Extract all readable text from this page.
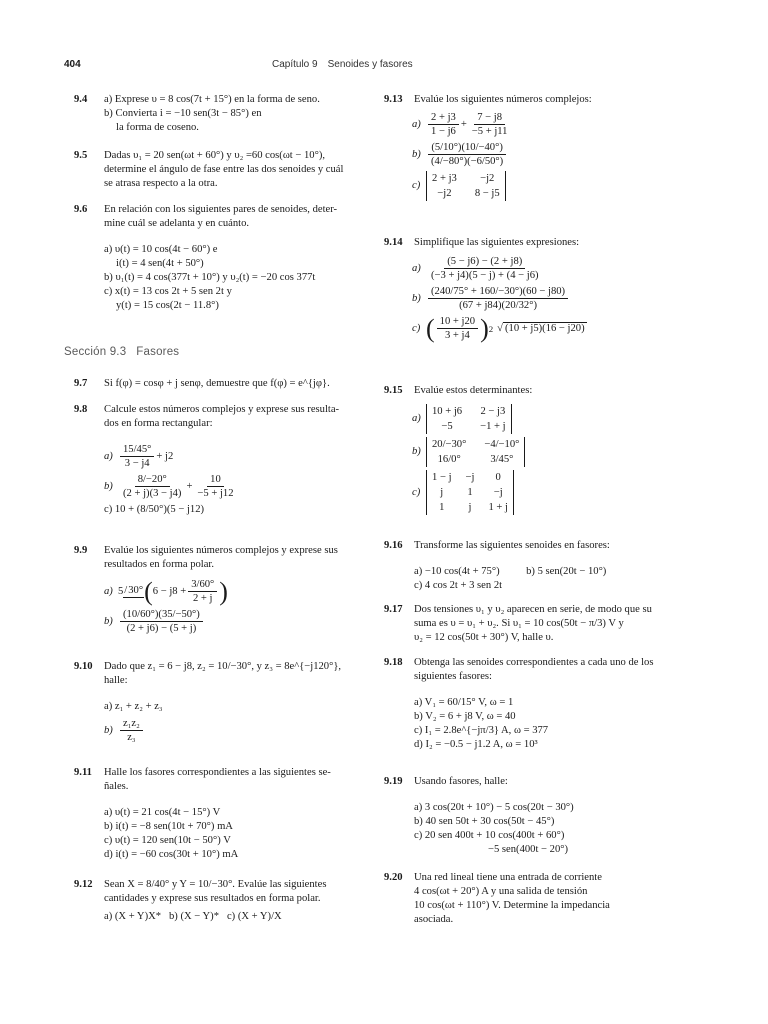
404	Capítulo 9 Senoides y fasores
9.4 a) Exprese υ = 8 cos(7t + 15°) en la forma de seno.
b) Convierta i = −10 sen(3t − 85°) en
la forma de coseno.
9.5 Dadas υ₁ = 20 sen(ωt + 60°) y υ₂ =60 cos(ωt − 10°),
determine el ángulo de fase entre las dos senoides y cuál
se atrasa respecto a la otra.
9.6 En relación con los siguientes pares de senoides, deter-
mine cuál se adelanta y en cuánto.
a) υ(t) = 10 cos(4t − 60°) e
i(t) = 4 sen(4t + 50°)
b) υ₁(t) = 4 cos(377t + 10°) y υ₂(t) = −20 cos 377t
c) x(t) = 13 cos 2t + 5 sen 2t y
y(t) = 15 cos(2t − 11.8°)
Sección 9.3 Fasores
9.7 Si f(φ) = cosφ + j senφ, demuestre que f(φ) = e^{jφ}.
9.8 Calcule estos números complejos y exprese sus resulta-
dos en forma rectangular:
$a) \frac{15/45^\circ}{3 - j4} + j2$
$b) \frac{8/-20^\circ}{(2 + j)(3 - j4)} + \frac{10}{-5 + j12}$
c) 10 + (8/50°)(5 − j12)
9.9 Evalúe los siguientes números complejos y exprese sus
resultados en forma polar.
a) 5
/ 30° ( $6 - j8 + \frac{3/60^\circ}{2 + j}$ )
$b) \frac{(10/60^\circ)(35/-50^\circ)}{(2 + j6) - (5 + j)}$
9.10 Dado que z₁ = 6 − j8, z₂ = 10/−30°, y z₃ = 8e^{−j120°},
halle:
a) z₁ + z₂ + z₃
$b) \frac{\text{z₁z₂}}{\text{z₃}}$
9.11 Halle los fasores correspondientes a las siguientes se-
ñales.
a) υ(t) = 21 cos(4t − 15°) V
b) i(t) = −8 sen(10t + 70°) mA
c) υ(t) = 120 sen(10t − 50°) V
d) i(t) = −60 cos(30t + 10°) mA
9.12 Sean X = 8/40° y Y = 10/−30°. Evalúe las siguientes
cantidades y exprese sus resultados en forma polar.
a) (X + Y)X*   b) (X − Y)*   c) (X + Y)/X
9.13 Evalúe los siguientes números complejos:
$a) \frac{2 + j3}{1 - j6} + \frac{7 - j8}{-5 + j11}$
$b) \frac{(5/10^\circ)(10/-40^\circ)}{(4/-80^\circ)(-6/50^\circ)}$
c)
2 + j3	−j2
−j2	8 − j5
9.14 Simplifique las siguientes expresiones:
$a) \frac{(5 - j6) - (2 + j8)}{(-3 + j4)(5 - j) + (4 - j6)}$
$b) \frac{(240/75^\circ + 160/-30^\circ)(60 - j80)}{(67 + j84)(20/32^\circ)}$
c) ( $\frac{10 + j20}{3 + j4}$ ) 2 √ (10 + j5)(16 − j20)
9.15 Evalúe estos determinantes:
a)
10 + j6 2 − j3
−5	−1 + j
b)
20/−30° −4/−10°
16/0°	3/45°
c)
1 − j −j	0
j	1	−j
1	j 1 + j
9.16 Transforme las siguientes senoides en fasores:
a) −10 cos(4t + 75°)          b) 5 sen(20t − 10°)
c) 4 cos 2t + 3 sen 2t
9.17 Dos tensiones υ₁ y υ₂ aparecen en serie, de modo que su
suma es υ = υ₁ + υ₂. Si υ₁ = 10 cos(50t − π/3) V y
υ₂ = 12 cos(50t + 30°) V, halle υ.
9.18 Obtenga las senoides correspondientes a cada uno de los
siguientes fasores:
a) V₁ = 60/15° V, ω = 1
b) V₂ = 6 + j8 V, ω = 40
c) I₁ = 2.8e^{−jπ/3} A, ω = 377
d) I₂ = −0.5 − j1.2 A, ω = 10³
9.19 Usando fasores, halle:
a) 3 cos(20t + 10°) − 5 cos(20t − 30°)
b) 40 sen 50t + 30 cos(50t − 45°)
c) 20 sen 400t + 10 cos(400t + 60°)
−5 sen(400t − 20°)
9.20 Una red lineal tiene una entrada de corriente
4 cos(ωt + 20°) A y una salida de tensión
10 cos(ωt + 110°) V. Determine la impedancia
asociada.
